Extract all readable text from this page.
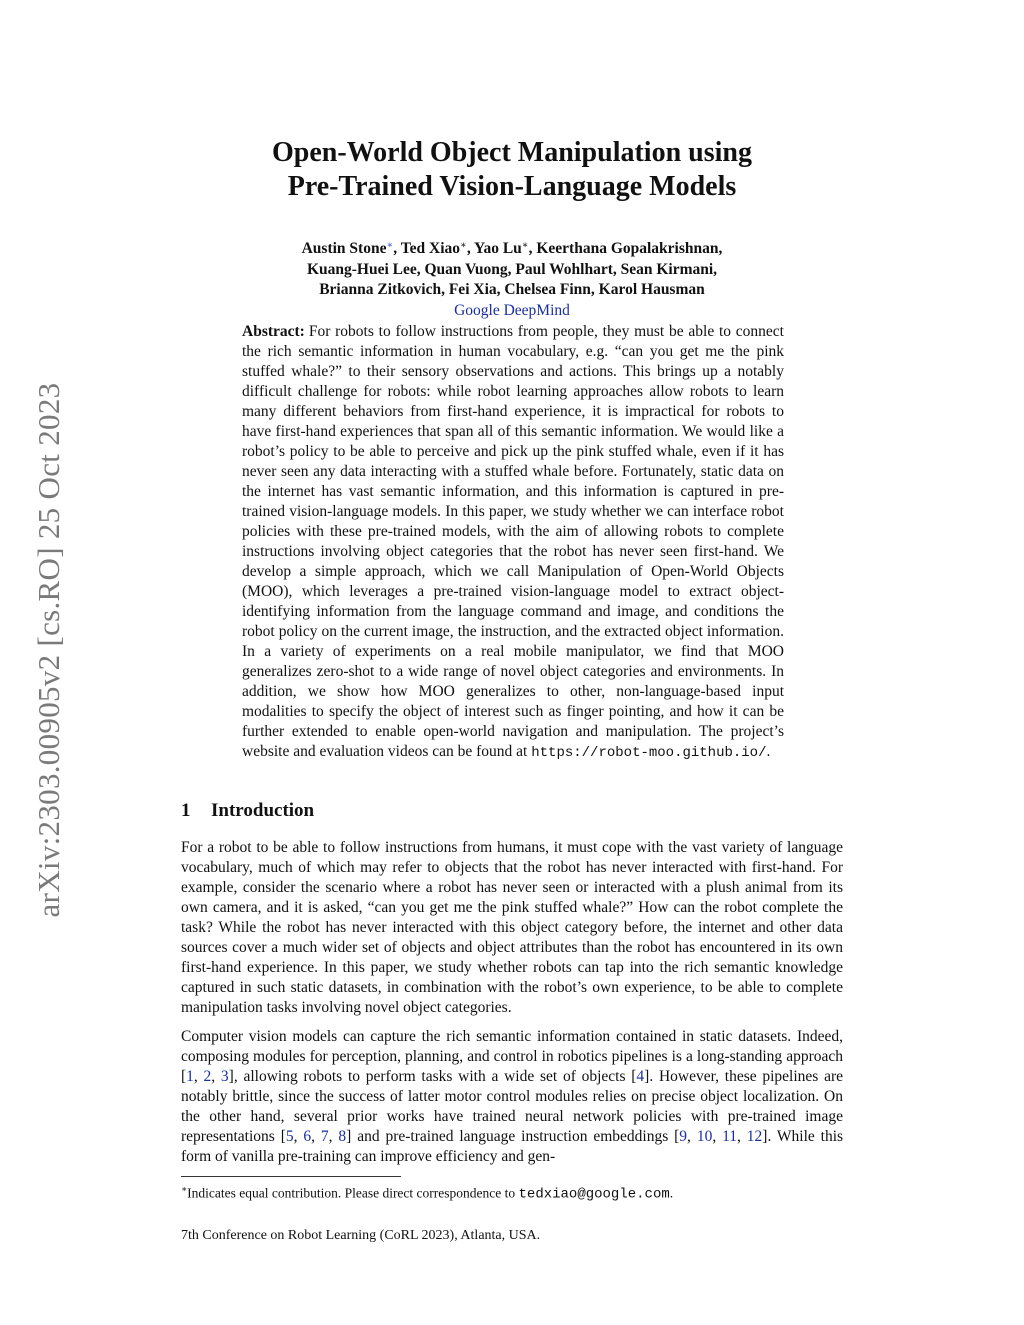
arXiv:2303.00905v2 [cs.RO] 25 Oct 2023
Open-World Object Manipulation using
Pre-Trained Vision-Language Models
Austin Stone∗, Ted Xiao∗, Yao Lu∗, Keerthana Gopalakrishnan,
Kuang-Huei Lee, Quan Vuong, Paul Wohlhart, Sean Kirmani,
Brianna Zitkovich, Fei Xia, Chelsea Finn, Karol Hausman
Google DeepMind
Abstract: For robots to follow instructions from people, they must be able to connect the rich semantic information in human vocabulary, e.g. “can you get me the pink stuffed whale?” to their sensory observations and actions. This brings up a notably difficult challenge for robots: while robot learning approaches allow robots to learn many different behaviors from first-hand experience, it is impractical for robots to have first-hand experiences that span all of this semantic information. We would like a robot’s policy to be able to perceive and pick up the pink stuffed whale, even if it has never seen any data interacting with a stuffed whale before. Fortunately, static data on the internet has vast semantic information, and this information is captured in pre-trained vision-language models. In this paper, we study whether we can interface robot policies with these pre-trained models, with the aim of allowing robots to complete instructions involving object categories that the robot has never seen first-hand. We develop a simple approach, which we call Manipulation of Open-World Objects (MOO), which leverages a pre-trained vision-language model to extract object-identifying information from the language command and image, and conditions the robot policy on the current image, the instruction, and the extracted object information. In a variety of experiments on a real mobile manipulator, we find that MOO generalizes zero-shot to a wide range of novel object categories and environments. In addition, we show how MOO generalizes to other, non-language-based input modalities to specify the object of interest such as finger pointing, and how it can be further extended to enable open-world navigation and manipulation. The project’s website and evaluation videos can be found at https://robot-moo.github.io/.
1 Introduction

For a robot to be able to follow instructions from humans, it must cope with the vast variety of language vocabulary, much of which may refer to objects that the robot has never interacted with first-hand. For example, consider the scenario where a robot has never seen or interacted with a plush animal from its own camera, and it is asked, “can you get me the pink stuffed whale?” How can the robot complete the task? While the robot has never interacted with this object category before, the internet and other data sources cover a much wider set of objects and object attributes than the robot has encountered in its own first-hand experience. In this paper, we study whether robots can tap into the rich semantic knowledge captured in such static datasets, in combination with the robot’s own experience, to be able to complete manipulation tasks involving novel object categories.

Computer vision models can capture the rich semantic information contained in static datasets. Indeed, composing modules for perception, planning, and control in robotics pipelines is a long-standing approach [1, 2, 3], allowing robots to perform tasks with a wide set of objects [4]. However, these pipelines are notably brittle, since the success of latter motor control modules relies on precise object localization. On the other hand, several prior works have trained neural network policies with pre-trained image representations [5, 6, 7, 8] and pre-trained language instruction embeddings [9, 10, 11, 12]. While this form of vanilla pre-training can improve efficiency and gen-

∗Indicates equal contribution. Please direct correspondence to tedxiao@google.com.
7th Conference on Robot Learning (CoRL 2023), Atlanta, USA.
